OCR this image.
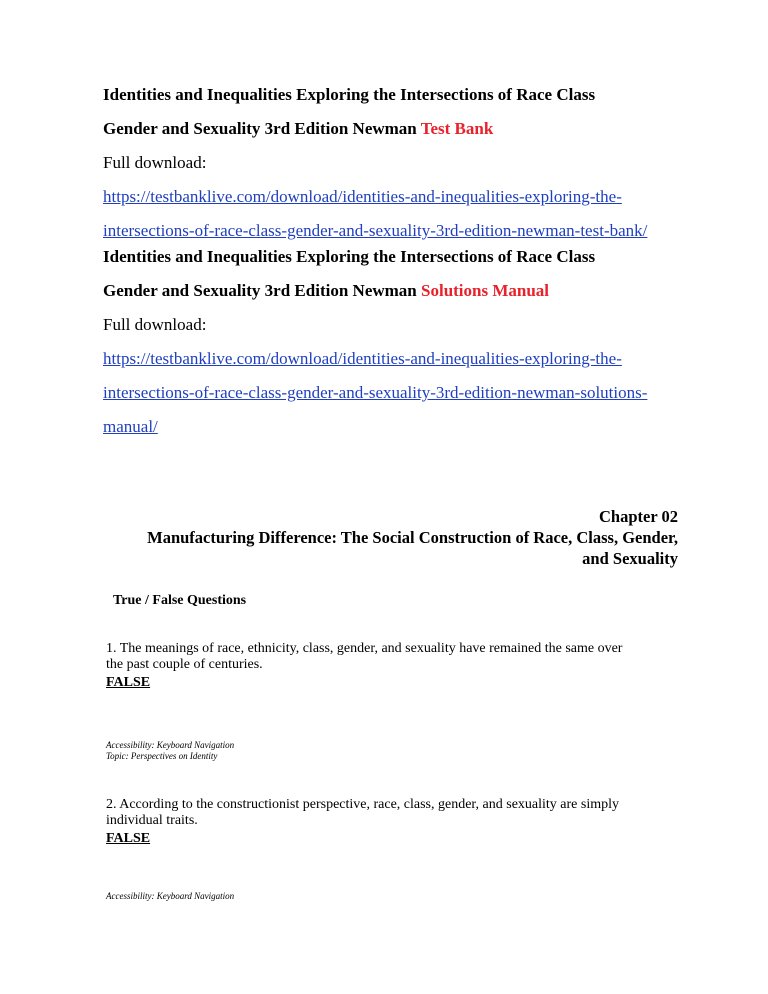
Identities and Inequalities Exploring the Intersections of Race Class
Gender and Sexuality 3rd Edition Newman Test Bank
Full download:
https://testbanklive.com/download/identities-and-inequalities-exploring-the-
intersections-of-race-class-gender-and-sexuality-3rd-edition-newman-test-bank/
Identities and Inequalities Exploring the Intersections of Race Class
Gender and Sexuality 3rd Edition Newman Solutions Manual
Full download:
https://testbanklive.com/download/identities-and-inequalities-exploring-the-
intersections-of-race-class-gender-and-sexuality-3rd-edition-newman-solutions-
manual/
Chapter 02
Manufacturing Difference: The Social Construction of Race, Class, Gender,
and Sexuality
True / False Questions
1. The meanings of race, ethnicity, class, gender, and sexuality have remained the same over
the past couple of centuries.
FALSE
Accessibility: Keyboard Navigation
Topic: Perspectives on Identity
2. According to the constructionist perspective, race, class, gender, and sexuality are simply
individual traits.
FALSE
Accessibility: Keyboard Navigation
